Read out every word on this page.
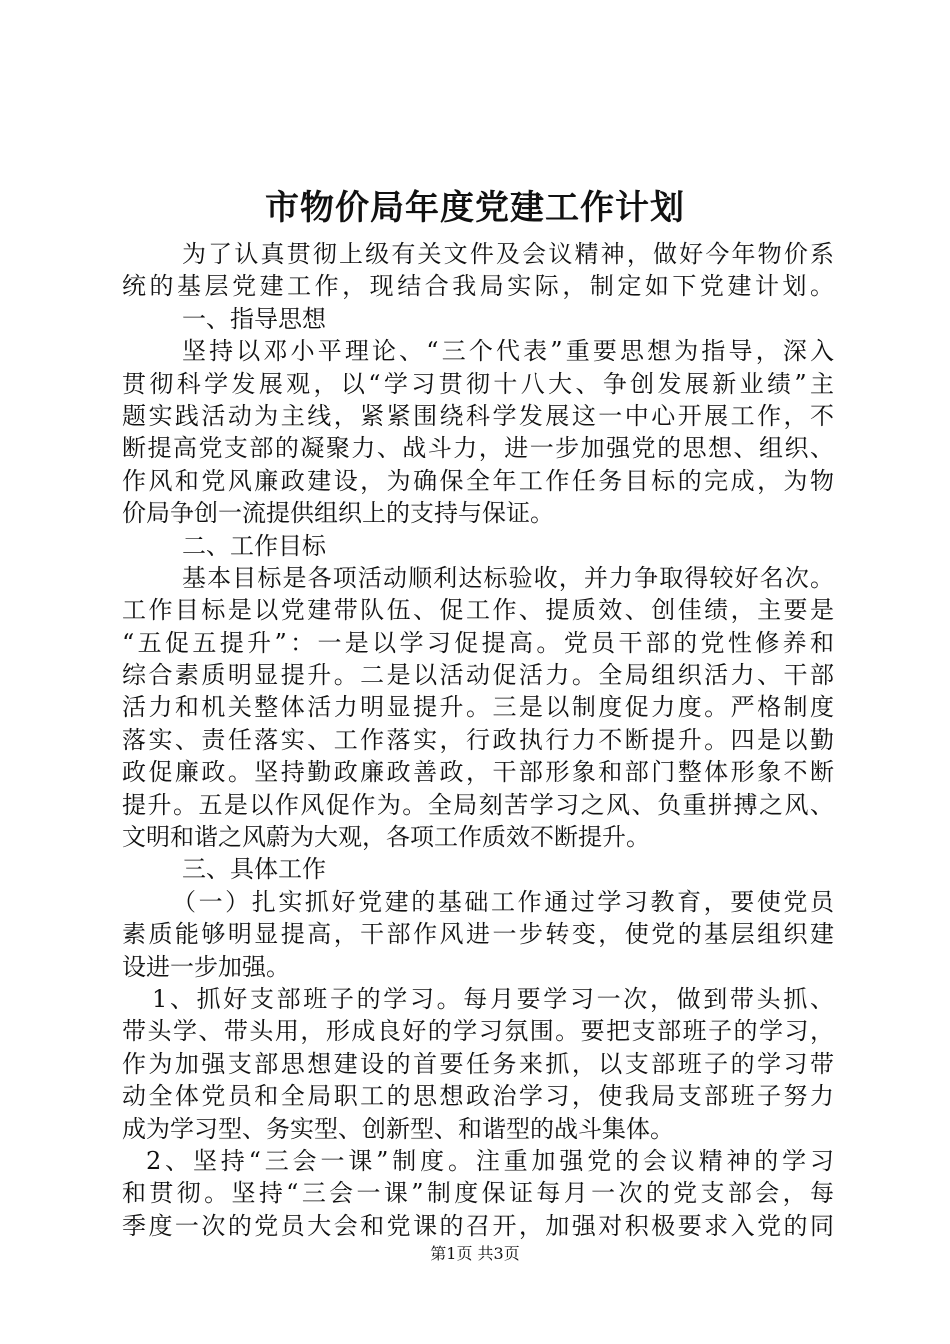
市物价局年度党建工作计划
为了认真贯彻上级有关文件及会议精神，做好今年物价系
统的基层党建工作，现结合我局实际，制定如下党建计划。
一、指导思想
坚持以邓小平理论、“三个代表”重要思想为指导，深入
贯彻科学发展观，以“学习贯彻十八大、争创发展新业绩”主
题实践活动为主线，紧紧围绕科学发展这一中心开展工作，不
断提高党支部的凝聚力、战斗力，进一步加强党的思想、组织、
作风和党风廉政建设，为确保全年工作任务目标的完成，为物
价局争创一流提供组织上的支持与保证。
二、工作目标
基本目标是各项活动顺利达标验收，并力争取得较好名次。
工作目标是以党建带队伍、促工作、提质效、创佳绩，主要是
“五促五提升”：一是以学习促提高。党员干部的党性修养和
综合素质明显提升。二是以活动促活力。全局组织活力、干部
活力和机关整体活力明显提升。三是以制度促力度。严格制度
落实、责任落实、工作落实，行政执行力不断提升。四是以勤
政促廉政。坚持勤政廉政善政，干部形象和部门整体形象不断
提升。五是以作风促作为。全局刻苦学习之风、负重拼搏之风、
文明和谐之风蔚为大观，各项工作质效不断提升。
三、具体工作
（一）扎实抓好党建的基础工作通过学习教育，要使党员
素质能够明显提高，干部作风进一步转变，使党的基层组织建
设进一步加强。
1、抓好支部班子的学习。每月要学习一次，做到带头抓、
带头学、带头用，形成良好的学习氛围。要把支部班子的学习，
作为加强支部思想建设的首要任务来抓，以支部班子的学习带
动全体党员和全局职工的思想政治学习，使我局支部班子努力
成为学习型、务实型、创新型、和谐型的战斗集体。
2、坚持“三会一课”制度。注重加强党的会议精神的学习
和贯彻。坚持“三会一课”制度保证每月一次的党支部会，每
季度一次的党员大会和党课的召开，加强对积极要求入党的同
第1页 共3页
